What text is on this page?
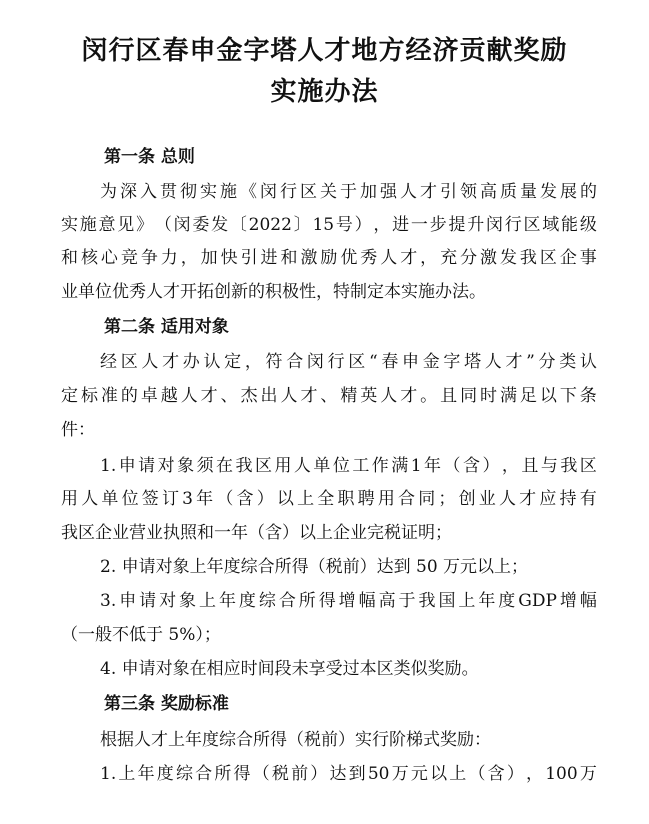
闵行区春申金字塔人才地方经济贡献奖励
实施办法
第一条 总则
为 深 入 贯 彻 实 施 《 闵 行 区 关 于 加 强 人 才 引 领 高 质 量 发 展 的
实 施 意 见 》 （ 闵 委 发 〔 2022 〕 15 号 ） ， 进 一 步 提 升 闵 行 区 域 能 级
和 核 心 竞 争 力 ， 加 快 引 进 和 激 励 优 秀 人 才 ， 充 分 激 发 我 区 企 事
业单位优秀人才开拓创新的积极性，特制定本实施办法。
第二条 适用对象
经 区 人 才 办 认 定 ， 符 合 闵 行 区 “ 春 申 金 字 塔 人 才 ” 分 类 认
定 标 准 的 卓 越 人 才 、 杰 出 人 才 、 精 英 人 才 。 且 同 时 满 足 以 下 条
件：
1. 申 请 对 象 须 在 我 区 用 人 单 位 工 作 满 1 年 （ 含 ） ， 且 与 我 区
用 人 单 位 签 订 3 年 （ 含 ） 以 上 全 职 聘 用 合 同 ； 创 业 人 才 应 持 有
我区企业营业执照和一年（含）以上企业完税证明；
2. 申请对象上年度综合所得（税前）达到 50 万元以上；
3. 申 请 对 象 上 年 度 综 合 所 得 增 幅 高 于 我 国 上 年 度 GDP 增 幅
（一般不低于 5%）；
4. 申请对象在相应时间段未享受过本区类似奖励。
第三条 奖励标准
根据人才上年度综合所得（税前）实行阶梯式奖励：
1. 上 年 度 综 合 所 得 （ 税 前 ） 达 到 50 万 元 以 上 （ 含 ） ， 100 万
